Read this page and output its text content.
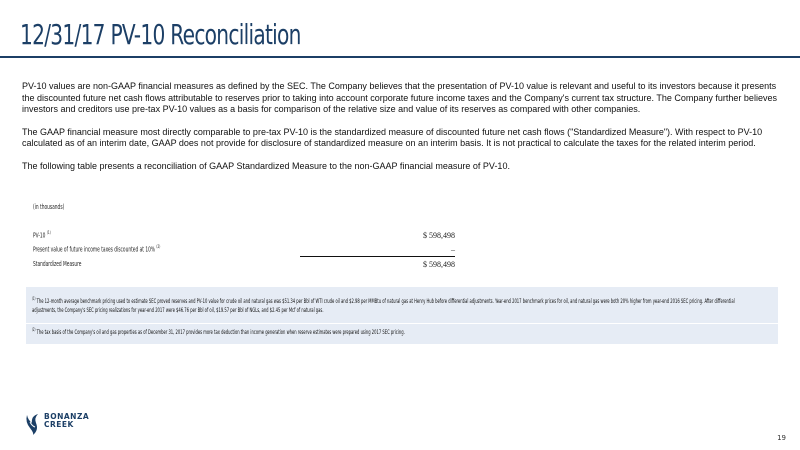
12/31/17 PV-10 Reconciliation

PV-10 values are non-GAAP financial measures as defined by the SEC. The Company believes that the presentation of PV-10 value is relevant and useful to its investors because it presents the discounted future net cash flows attributable to reserves prior to taking into account corporate future income taxes and the Company's current tax structure. The Company further believes investors and creditors use pre-tax PV-10 values as a basis for comparison of the relative size and value of its reserves as compared with other companies.

The GAAP financial measure most directly comparable to pre-tax PV-10 is the standardized measure of discounted future net cash flows ("Standardized Measure"). With respect to PV-10 calculated as of an interim date, GAAP does not provide for disclosure of standardized measure on an interim basis. It is not practical to calculate the taxes for the related interim period.

The following table presents a reconciliation of GAAP Standardized Measure to the non-GAAP financial measure of PV-10.

(in thousands)
PV-10 $^{(1)}$	$ 598,498
Present value of future income taxes discounted at 10% $^{(2)}$	–
Standardized Measure	$ 598,498
$^{(1)}$ The 12-month average benchmark pricing used to estimate SEC proved reserves and PV-10 value for crude oil and natural gas was $51.34 per Bbl of WTI crude oil and $2.98 per MMBtu of natural gas at Henry Hub before differential adjustments. Year-end 2017 benchmark prices for oil, and natural gas were both 20% higher from year-end 2016 SEC pricing. After differential adjustments, the Company's SEC pricing realizations for year-end 2017 were $46.76 per Bbl of oil, $19.57 per Bbl of NGLs, and $2.45 per Mcf of natural gas.
$^{(2)}$ The tax basis of the Company's oil and gas properties as of December 31, 2017 provides more tax deduction than income generation when reserve estimates were prepared using 2017 SEC pricing.
BONANZA
CREEK
19
